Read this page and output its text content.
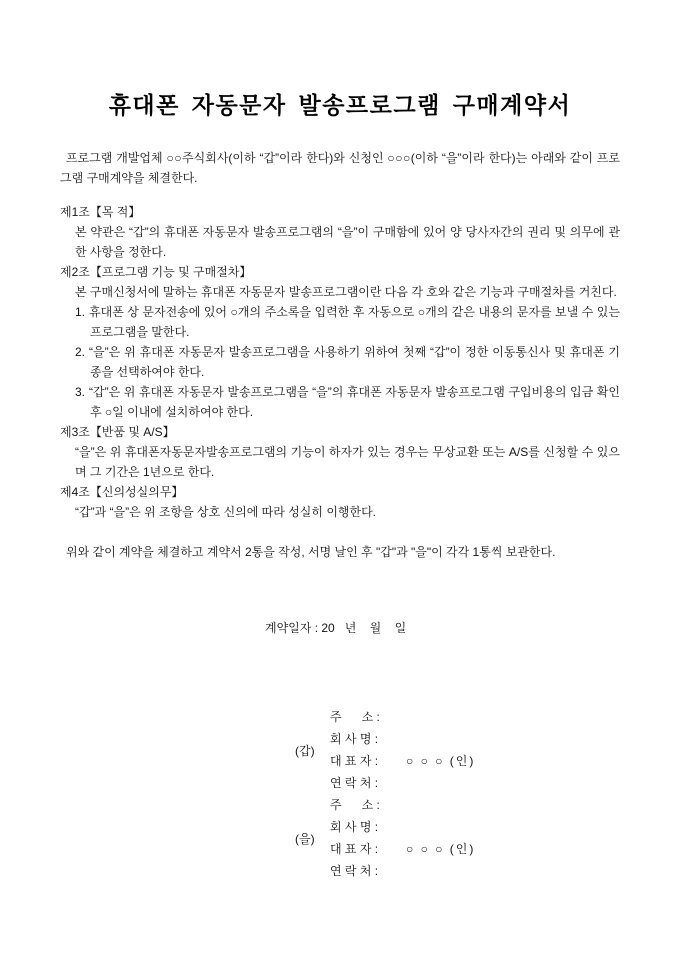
휴대폰 자동문자 발송프로그램 구매계약서

프로그램 개발업체 ○○주식회사(이하 “갑”이라 한다)와 신청인 ○○○(이하 “을”이라 한다)는 아래와 같이 프로그램 구매계약을 체결한다.

제1조【목 적】

본 약관은 “갑”의 휴대폰 자동문자 발송프로그램의 “을”이 구매함에 있어 양 당사자간의 권리 및 의무에 관한 사항을 정한다.

제2조【프로그램 기능 및 구매절차】

본 구매신청서에 말하는 휴대폰 자동문자 발송프로그램이란 다음 각 호와 같은 기능과 구매절차를 거친다.

1. 휴대폰 상 문자전송에 있어 ○개의 주소록을 입력한 후 자동으로 ○개의 같은 내용의 문자를 보낼 수 있는 프로그램을 말한다.
2. “을”은 위 휴대폰 자동문자 발송프로그램을 사용하기 위하여 첫째 “갑”이 정한 이동통신사 및 휴대폰 기종을 선택하여야 한다.
3. “갑”은 위 휴대폰 자동문자 발송프로그램을 “을”의 휴대폰 자동문자 발송프로그램 구입비용의 입금 확인 후 ○일 이내에 설치하여야 한다.
제3조【반품 및 A/S】

“을”은 위 휴대폰자동문자발송프로그램의 기능이 하자가 있는 경우는 무상교환 또는 A/S를 신청할 수 있으며 그 기간은 1년으로 한다.

제4조【신의성실의무】

“갑”과 “을”은 위 조항을 상호 신의에 따라 성실히 이행한다.

위와 같이 계약을 체결하고 계약서 2통을 작성, 서명 날인 후 "갑"과 "을"이 각각 1통씩 보관한다.

계약일자 : 20   년    월    일
(갑)
주      소 :
회 사 명 :
대 표 자 : ○ ○ ○ (인)
연 락 처 :
(을)
주      소 :
회 사 명 :
대 표 자 : ○ ○ ○ (인)
연 락 처 :
